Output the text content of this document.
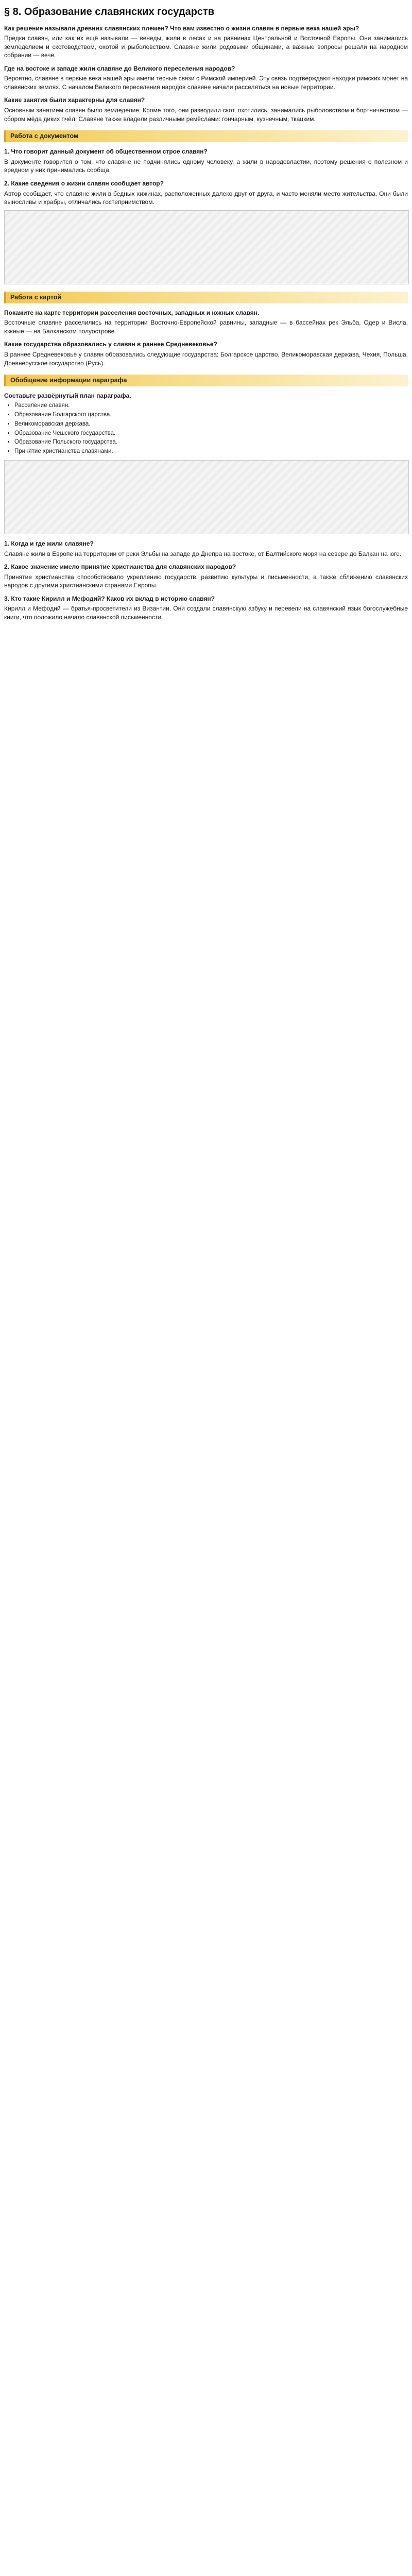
§ 8. Образование славянских государств

Как решение называли древних славянских племен? Что вам известно о жизни славян в первые века нашей эры?

Предки славян, или как их ещё называли — венеды, жили в лесах и на равнинах Центральной и Восточной Европы. Они занимались земледелием и скотоводством, охотой и рыболовством. Славяне жили родовыми общинами, а важные вопросы решали на народном собрании — вече.

Где на востоке и западе жили славяне до Великого переселения народов?

Вероятно, славяне в первые века нашей эры имели тесные связи с Римской империей. Эту связь подтверждают находки римских монет на славянских землях. С началом Великого переселения народов славяне начали расселяться на новые территории.

Какие занятия были характерны для славян?

Основным занятием славян было земледелие. Кроме того, они разводили скот, охотились, занимались рыболовством и бортничеством — сбором мёда диких пчёл. Славяне также владели различными ремёслами: гончарным, кузнечным, ткацким.

Работа с документом

1. Что говорит данный документ об общественном строе славян?

В документе говорится о том, что славяне не подчинялись одному человеку, а жили в народовластии, поэтому решения о полезном и вредном у них принимались сообща.

2. Какие сведения о жизни славян сообщает автор?

Автор сообщает, что славяне жили в бедных хижинах, расположенных далеко друг от друга, и часто меняли место жительства. Они были выносливы и храбры, отличались гостеприимством.

Работа с картой

Покажите на карте территории расселения восточных, западных и южных славян.

Восточные славяне расселились на территории Восточно-Европейской равнины, западные — в бассейнах рек Эльба, Одер и Висла, южные — на Балканском полуострове.

Какие государства образовались у славян в раннее Средневековье?

В раннее Средневековье у славян образовались следующие государства: Болгарское царство, Великоморавская держава, Чехия, Польша, Древнерусское государство (Русь).

Обобщение информации параграфа

Составьте развёрнутый план параграфа.

• Расселение славян.
• Образование Болгарского царства.
• Великоморавская держава.
• Образование Чешского государства.
• Образование Польского государства.
• Принятие христианства славянами.

1. Когда и где жили славяне?

Славяне жили в Европе на территории от реки Эльбы на западе до Днепра на востоке, от Балтийского моря на севере до Балкан на юге.

2. Какое значение имело принятие христианства для славянских народов?

Принятие христианства способствовало укреплению государств, развитию культуры и письменности, а также сближению славянских народов с другими христианскими странами Европы.

3. Кто такие Кирилл и Мефодий? Каков их вклад в историю славян?

Кирилл и Мефодий — братья-просветители из Византии. Они создали славянскую азбуку и перевели на славянский язык богослужебные книги, что положило начало славянской письменности.
